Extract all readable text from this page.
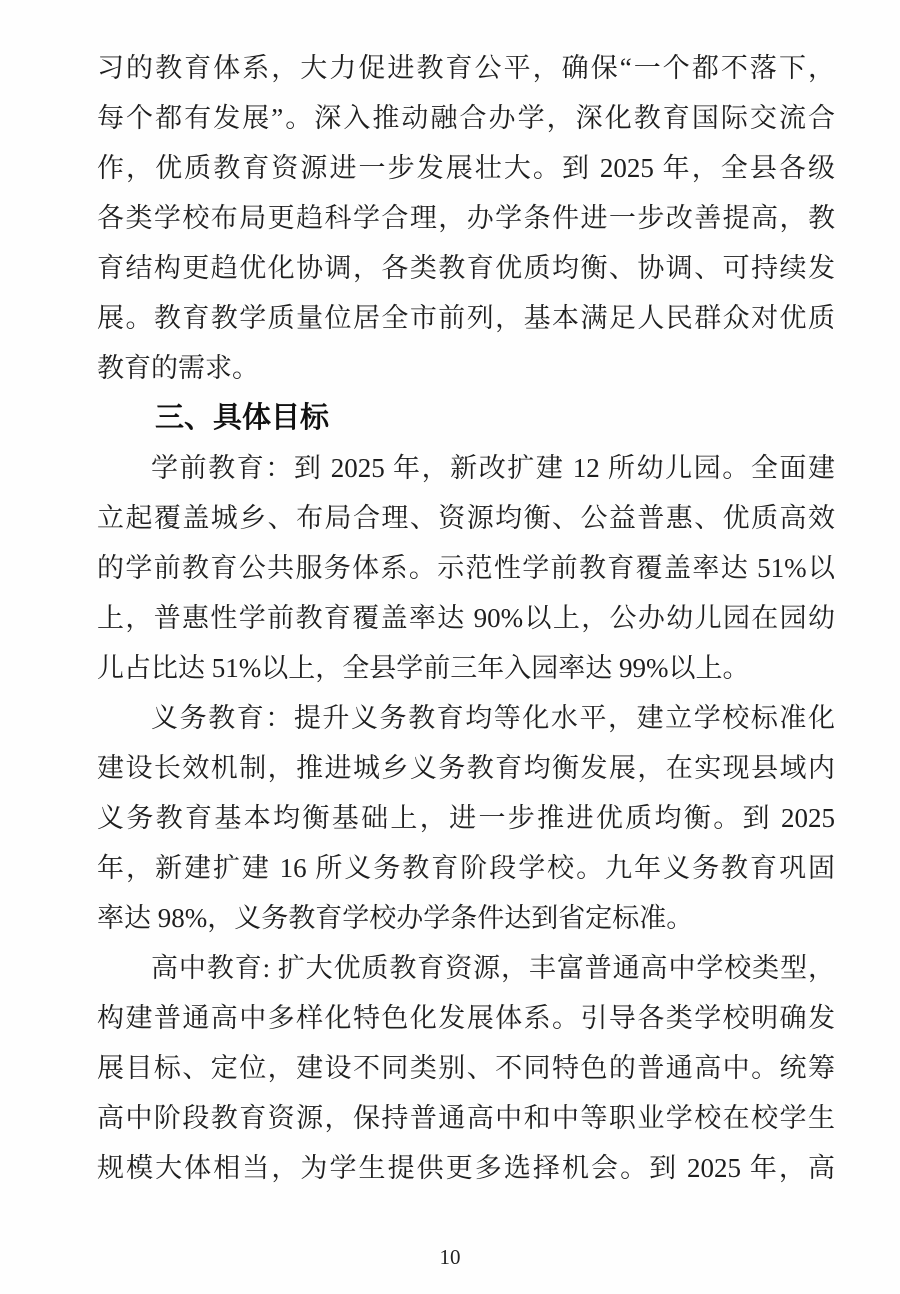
习的教育体系，大力促进教育公平，确保“一个都不落下，
每个都有发展”。深入推动融合办学，深化教育国际交流合
作，优质教育资源进一步发展壮大。到 2025 年，全县各级
各类学校布局更趋科学合理，办学条件进一步改善提高，教
育结构更趋优化协调，各类教育优质均衡、协调、可持续发
展。教育教学质量位居全市前列，基本满足人民群众对优质
教育的需求。
三、具体目标
学前教育：到 2025 年，新改扩建 12 所幼儿园。全面建
立起覆盖城乡、布局合理、资源均衡、公益普惠、优质高效
的学前教育公共服务体系。示范性学前教育覆盖率达 51%以
上，普惠性学前教育覆盖率达 90%以上，公办幼儿园在园幼
儿占比达 51%以上，全县学前三年入园率达 99%以上。
义务教育：提升义务教育均等化水平，建立学校标准化
建设长效机制，推进城乡义务教育均衡发展，在实现县域内
义务教育基本均衡基础上，进一步推进优质均衡。到 2025
年，新建扩建 16 所义务教育阶段学校。九年义务教育巩固
率达 98%，义务教育学校办学条件达到省定标准。
高中教育: 扩大优质教育资源，丰富普通高中学校类型，
构建普通高中多样化特色化发展体系。引导各类学校明确发
展目标、定位，建设不同类别、不同特色的普通高中。统筹
高中阶段教育资源，保持普通高中和中等职业学校在校学生
规模大体相当，为学生提供更多选择机会。到 2025 年，高
10
